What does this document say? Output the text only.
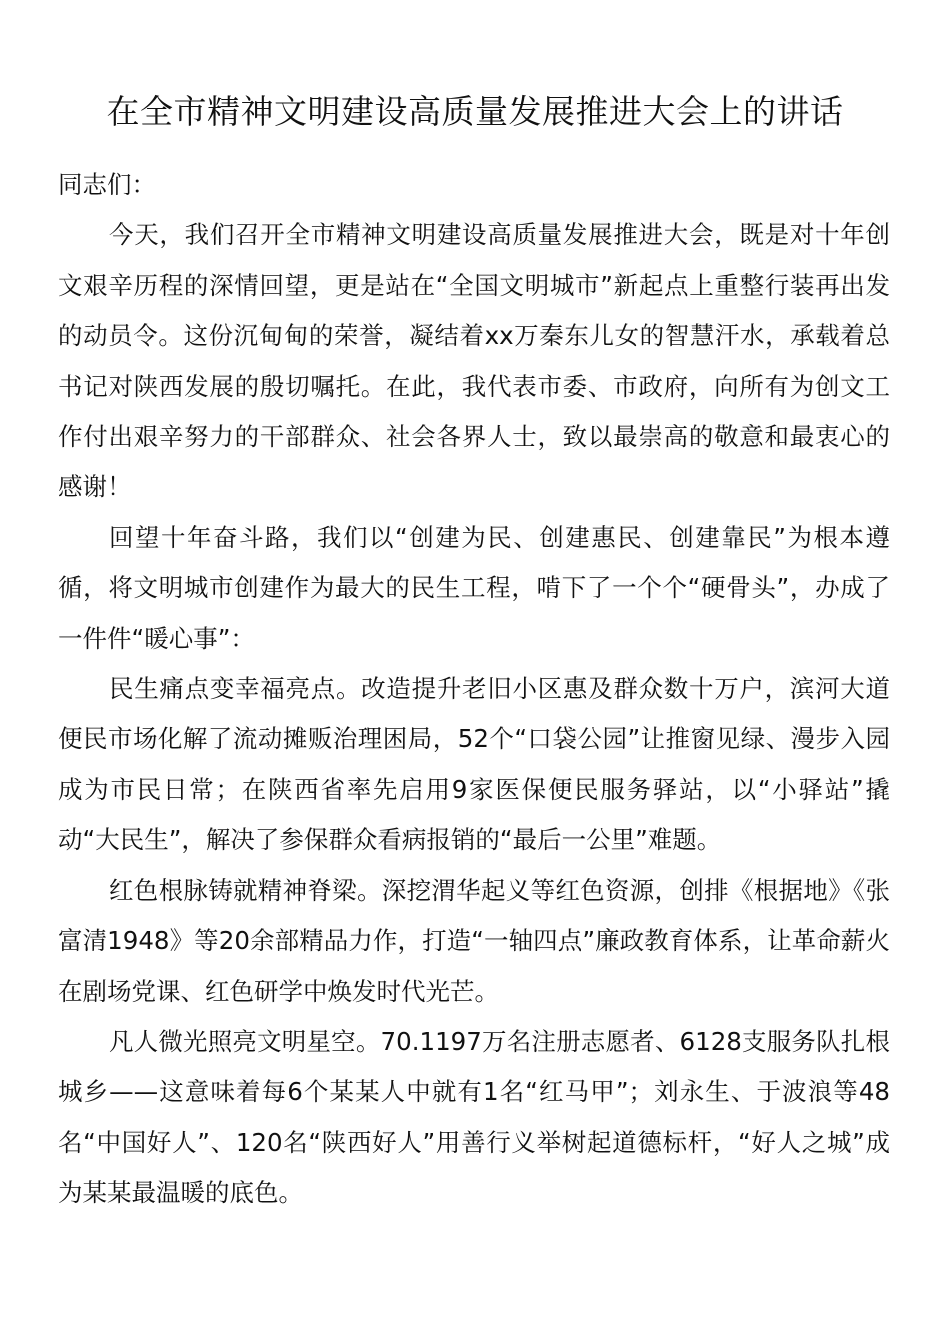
在全市精神文明建设高质量发展推进大会上的讲话

同志们：

今天，我们召开全市精神文明建设高质量发展推进大会，既是对十年创文艰辛历程的深情回望，更是站在“全国文明城市”新起点上重整行装再出发的动员令。这份沉甸甸的荣誉，凝结着xx万秦东儿女的智慧汗水，承载着总书记对陕西发展的殷切嘱托。在此，我代表市委、市政府，向所有为创文工作付出艰辛努力的干部群众、社会各界人士，致以最崇高的敬意和最衷心的感谢！

回望十年奋斗路，我们以“创建为民、创建惠民、创建靠民”为根本遵循，将文明城市创建作为最大的民生工程，啃下了一个个“硬骨头”，办成了一件件“暖心事”：

民生痛点变幸福亮点。改造提升老旧小区惠及群众数十万户，滨河大道便民市场化解了流动摊贩治理困局，52个“口袋公园”让推窗见绿、漫步入园成为市民日常；在陕西省率先启用9家医保便民服务驿站，以“小驿站”撬动“大民生”，解决了参保群众看病报销的“最后一公里”难题。

红色根脉铸就精神脊梁。深挖渭华起义等红色资源，创排《根据地》《张富清1948》等20余部精品力作，打造“一轴四点”廉政教育体系，让革命薪火在剧场党课、红色研学中焕发时代光芒。

凡人微光照亮文明星空。70.1197万名注册志愿者、6128支服务队扎根城乡——这意味着每6个某某人中就有1名“红马甲”；刘永生、于波浪等48名“中国好人”、120名“陕西好人”用善行义举树起道德标杆，“好人之城”成为某某最温暖的底色。
